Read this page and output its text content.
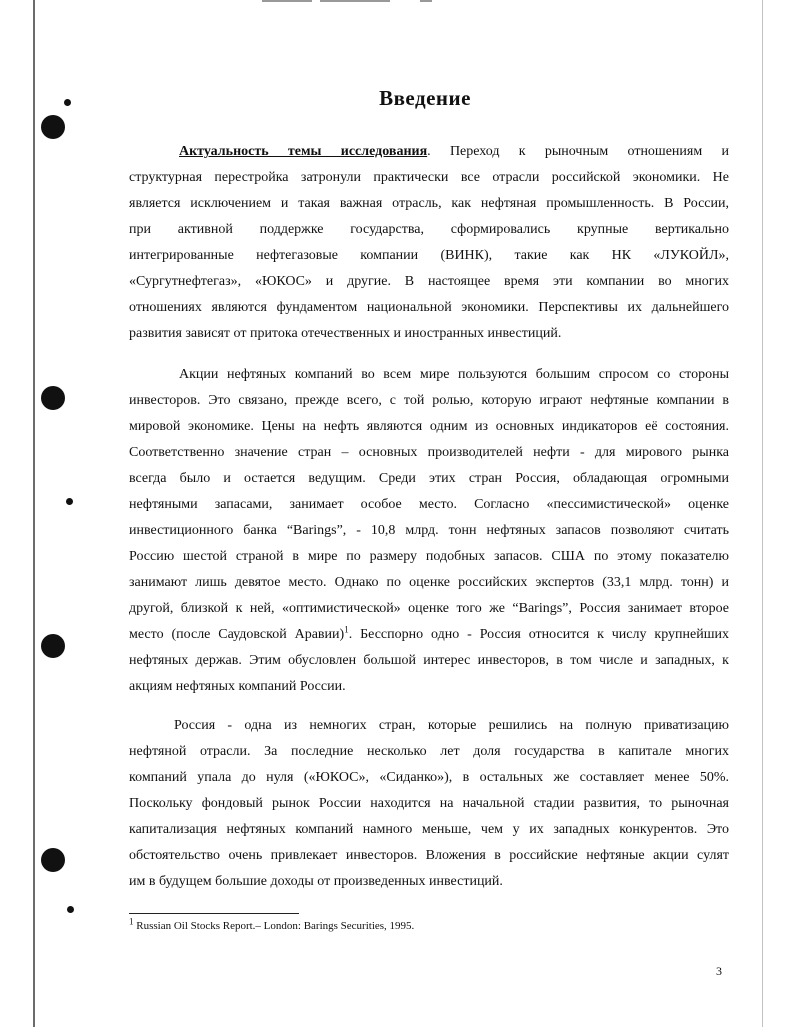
Введение
Актуальность темы исследования. Переход к рыночным отношениям и
структурная перестройка затронули практически все отрасли российской экономики. Не
является исключением и такая важная отрасль, как нефтяная промышленность. В России,
при активной поддержке государства, сформировались крупные вертикально
интегрированные нефтегазовые компании (ВИНК), такие как НК «ЛУКОЙЛ»,
«Сургутнефтегаз», «ЮКОС» и другие. В настоящее время эти компании во многих
отношениях являются фундаментом национальной экономики. Перспективы их дальнейшего
развития зависят от притока отечественных и иностранных инвестиций.
Акции нефтяных компаний во всем мире пользуются большим спросом со стороны
инвесторов. Это связано, прежде всего, с той ролью, которую играют нефтяные компании в
мировой экономике. Цены на нефть являются одним из основных индикаторов её состояния.
Соответственно значение стран – основных производителей нефти - для мирового рынка
всегда было и остается ведущим. Среди этих стран Россия, обладающая огромными
нефтяными запасами, занимает особое место. Согласно «пессимистической» оценке
инвестиционного банка “Barings”, - 10,8 млрд. тонн нефтяных запасов позволяют считать
Россию шестой страной в мире по размеру подобных запасов. США по этому показателю
занимают лишь девятое место. Однако по оценке российских экспертов (33,1 млрд. тонн) и
другой, близкой к ней, «оптимистической» оценке того же “Barings”, Россия занимает второе
место (после Саудовской Аравии)$^1$. Бесспорно одно - Россия относится к числу крупнейших
нефтяных держав. Этим обусловлен большой интерес инвесторов, в том числе и западных, к
акциям нефтяных компаний России.
Россия - одна из немногих стран, которые решились на полную приватизацию
нефтяной отрасли. За последние несколько лет доля государства в капитале многих
компаний упала до нуля («ЮКОС», «Сиданко»), в остальных же составляет менее 50%.
Поскольку фондовый рынок России находится на начальной стадии развития, то рыночная
капитализация нефтяных компаний намного меньше, чем у их западных конкурентов. Это
обстоятельство очень привлекает инвесторов. Вложения в российские нефтяные акции сулят
им в будущем большие доходы от произведенных инвестиций.
$^1$ Russian Oil Stocks Report.– London: Barings Securities, 1995.
3
